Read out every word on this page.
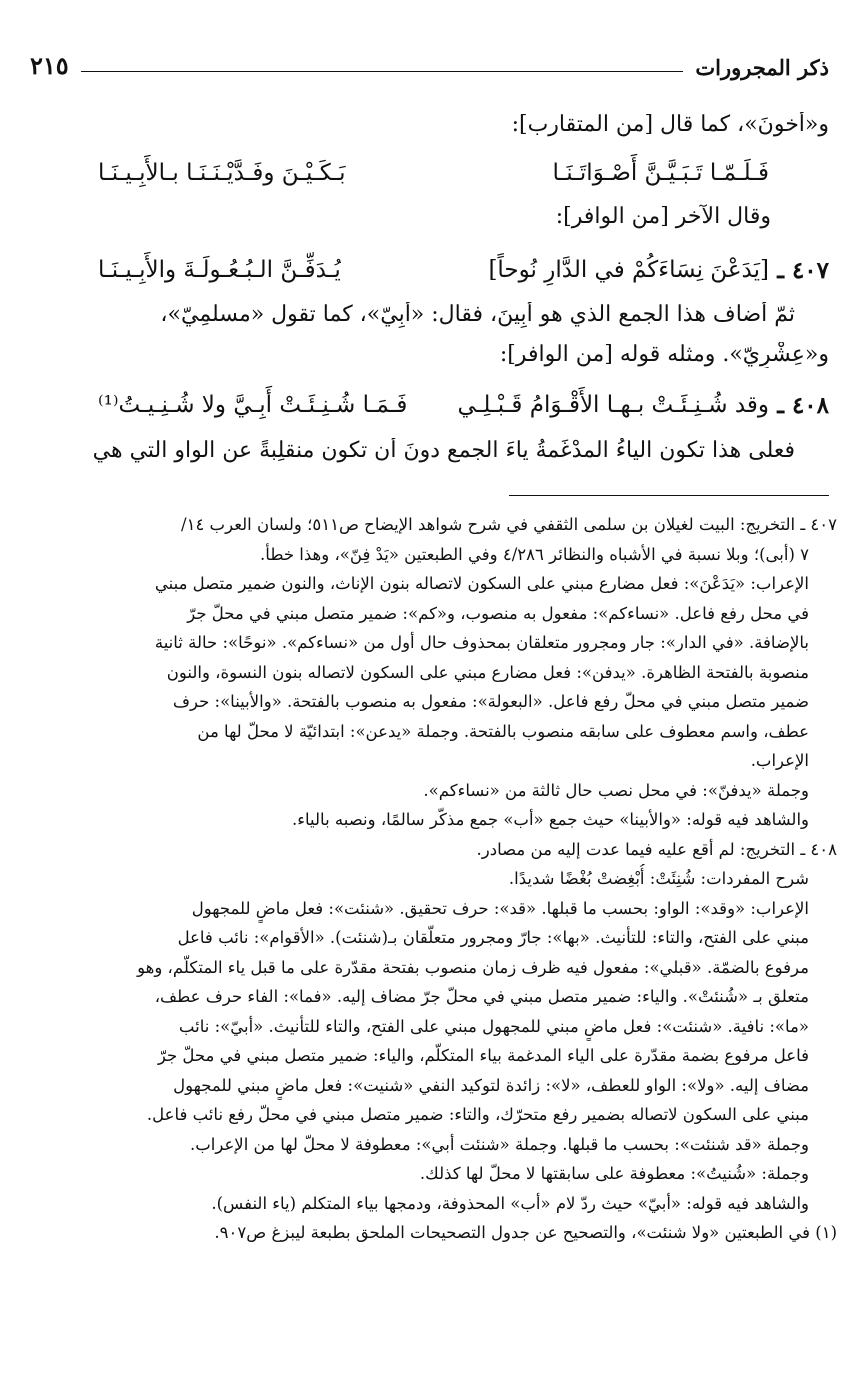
ذكر المجرورات
٢١٥
و«أَخونَ»، كما قال [من المتقارب]:
فَـلَـمّـا تَـبَـيَّـنَّ أَصْـوَاتَـنَـا
بَـكَـيْـنَ وفَـدَّيْـنَـنَـا بـالأَبِـيـنَـا
وقال الآخر [من الوافر]:
٤٠٧ ـ
[يَدَعْنَ نِسَاءَكُمْ في الدَّارِ نُوحاً]
يُـدَفِّـنَّ الـبُـعُـولَـةَ والأَبِـيـنَـا
ثمّ أضاف هذا الجمع الذي هو أَبِينَ، فقال: «أَبِيّ»، كما تقول «مسلمِيّ»،
و«عِشْرِيّ». ومثله قوله [من الوافر]:
٤٠٨ ـ
وقد شُـنِـئَـتْ بـهـا الأَقْـوَامُ قَـبْـلِـي
فَـمَـا شُـنِـئَـتْ أَبِـيَّ ولا شُـنِـيـتُ⁽¹⁾
فعلى هذا تكون الياءُ المدْغَمةُ ياءَ الجمع دونَ أن تكون منقلِبةً عن الواو التي هي
٤٠٧ ـ التخريج: البيت لغيلان بن سلمى الثقفي في شرح شواهد الإيضاح ص٥١١؛ ولسان العرب ١٤/
٧ (أبى)؛ وبلا نسبة في الأشباه والنظائر ٤/٢٨٦ وفي الطبعتين «يَدْ فِنّ»، وهذا خطأ.
الإعراب: «يَدَعْنَ»: فعل مضارع مبني على السكون لاتصاله بنون الإناث، والنون ضمير متصل مبني
في محل رفع فاعل. «نساءكم»: مفعول به منصوب، و«كم»: ضمير متصل مبني في محلّ جرّ
بالإضافة. «في الدار»: جار ومجرور متعلقان بمحذوف حال أول من «نساءكم». «نوحًا»: حالة ثانية
منصوبة بالفتحة الظاهرة. «يدفن»: فعل مضارع مبني على السكون لاتصاله بنون النسوة، والنون
ضمير متصل مبني في محلّ رفع فاعل. «البعولة»: مفعول به منصوب بالفتحة. «والأبينا»: حرف
عطف، واسم معطوف على سابقه منصوب بالفتحة. وجملة «يدعن»: ابتدائيّة لا محلّ لها من
الإعراب.
وجملة «يدفنّ»: في محل نصب حال ثالثة من «نساءكم».
والشاهد فيه قوله: «والأبينا» حيث جمع «أب» جمع مذكّر سالمًا، ونصبه بالياء.
٤٠٨ ـ التخريج: لم أقع عليه فيما عدت إليه من مصادر.
شرح المفردات: شُنِئَتْ: أُبْغِضتْ بُغْضًا شديدًا.
الإعراب: «وقد»: الواو: بحسب ما قبلها. «قد»: حرف تحقيق. «شنئت»: فعل ماضٍ للمجهول
مبني على الفتح، والتاء: للتأنيث. «بها»: جارّ ومجرور متعلّقان بـ(شنئت). «الأقوام»: نائب فاعل
مرفوع بالضمّة. «قبلي»: مفعول فيه ظرف زمان منصوب بفتحة مقدّرة على ما قبل ياء المتكلّم، وهو
متعلق بـ «شُنئتْ». والياء: ضمير متصل مبني في محلّ جرّ مضاف إليه. «فما»: الفاء حرف عطف،
«ما»: نافية. «شنئت»: فعل ماضٍ مبني للمجهول مبني على الفتح، والتاء للتأنيث. «أبيّ»: نائب
فاعل مرفوع بضمة مقدّرة على الياء المدغمة بياء المتكلّم، والياء: ضمير متصل مبني في محلّ جرّ
مضاف إليه. «ولا»: الواو للعطف، «لا»: زائدة لتوكيد النفي «شنيت»: فعل ماضٍ مبني للمجهول
مبني على السكون لاتصاله بضمير رفع متحرّك، والتاء: ضمير متصل مبني في محلّ رفع نائب فاعل.
وجملة «قد شنئت»: بحسب ما قبلها. وجملة «شنئت أبي»: معطوفة لا محلّ لها من الإعراب.
وجملة: «شُنيتُ»: معطوفة على سابقتها لا محلّ لها كذلك.
والشاهد فيه قوله: «أبيّ» حيث ردّ لام «أب» المحذوفة، ودمجها بياء المتكلم (ياء النفس).
(١) في الطبعتين «ولا شنئت»، والتصحيح عن جدول التصحيحات الملحق بطبعة ليبزغ ص٩٠٧.
